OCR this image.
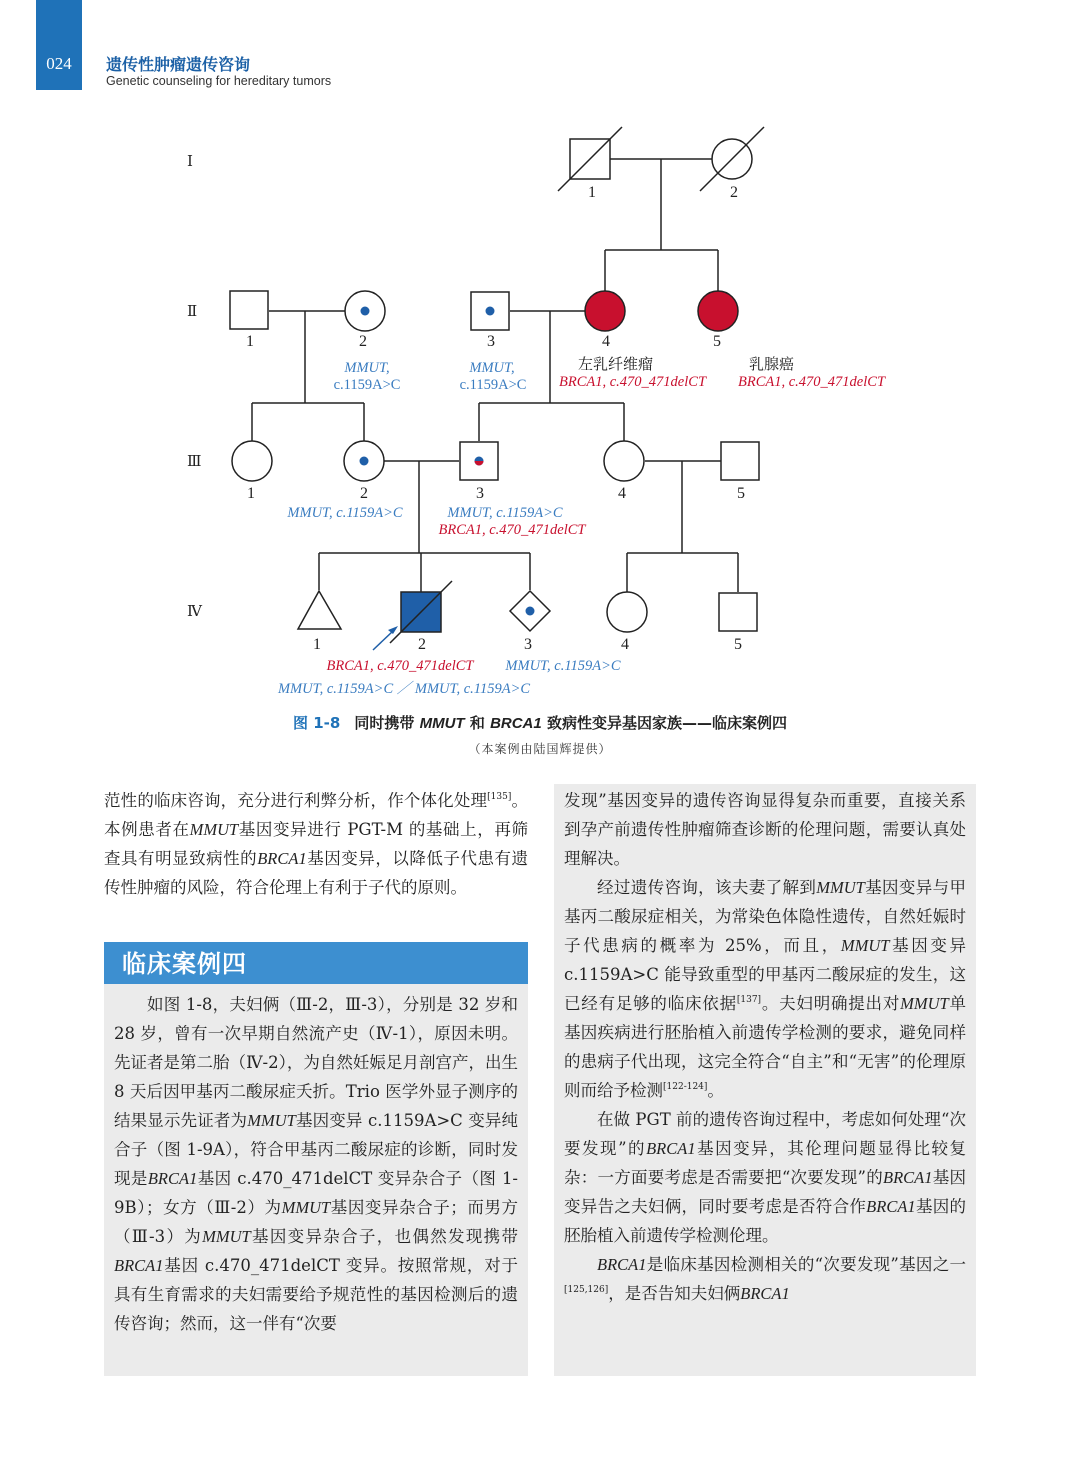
024	遗传性肿瘤遗传咨询
Genetic counseling for hereditary tumors
Ⅰ
Ⅱ
Ⅲ
Ⅳ
1	2
1	2	3	4	5
1	2	3	4	5
1	2	3	4	5
MMUT,
c.1159A>C
MMUT,
c.1159A>C BRCA1, c.470_471delCT BRCA1, c.470_471delCT
MMUT, c.1159A>C	MMUT, c.1159A>C
BRCA1, c.470_471delCT
BRCA1, c.470_471delCT
MMUT, c.1159A>C ／ MMUT, c.1159A>C
MMUT, c.1159A>C
左乳纤维瘤	乳腺癌
图 1-8 同时携带 MMUT 和 BRCA1 致病性变异基因家族——临床案例四
（本案例由陆国辉提供）

范性的临床咨询，充分进行利弊分析，作个体化处理[135]。本例患者在MMUT基因变异进行 PGT-M 的基础上，再筛查具有明显致病性的BRCA1基因变异，以降低子代患有遗传性肿瘤的风险，符合伦理上有利于子代的原则。

临床案例四

如图 1-8，夫妇俩（Ⅲ-2，Ⅲ-3），分别是 32 岁和 28 岁，曾有一次早期自然流产史（Ⅳ-1），原因未明。先证者是第二胎（Ⅳ-2），为自然妊娠足月剖宫产，出生 8 天后因甲基丙二酸尿症夭折。Trio 医学外显子测序的结果显示先证者为MMUT基因变异 c.1159A>C 变异纯合子（图 1-9A），符合甲基丙二酸尿症的诊断，同时发现是BRCA1基因 c.470_471delCT 变异杂合子（图 1-9B）；女方（Ⅲ-2）为MMUT基因变异杂合子；而男方（Ⅲ-3）为MMUT基因变异杂合子，也偶然发现携带BRCA1基因 c.470_471delCT 变异。按照常规，对于具有生育需求的夫妇需要给予规范性的基因检测后的遗传咨询；然而，这一伴有“次要

发现”基因变异的遗传咨询显得复杂而重要，直接关系到孕产前遗传性肿瘤筛查诊断的伦理问题，需要认真处理解决。

经过遗传咨询，该夫妻了解到MMUT基因变异与甲基丙二酸尿症相关，为常染色体隐性遗传，自然妊娠时子代患病的概率为 25%，而且，MMUT基因变异 c.1159A>C 能导致重型的甲基丙二酸尿症的发生，这已经有足够的临床依据[137]。夫妇明确提出对MMUT单基因疾病进行胚胎植入前遗传学检测的要求，避免同样的患病子代出现，这完全符合“自主”和“无害”的伦理原则而给予检测[122-124]。

在做 PGT 前的遗传咨询过程中，考虑如何处理“次要发现”的BRCA1基因变异，其伦理问题显得比较复杂：一方面要考虑是否需要把“次要发现”的BRCA1基因变异告之夫妇俩，同时要考虑是否符合作BRCA1基因的胚胎植入前遗传学检测伦理。

BRCA1是临床基因检测相关的“次要发现”基因之一[125,126]，是否告知夫妇俩BRCA1
